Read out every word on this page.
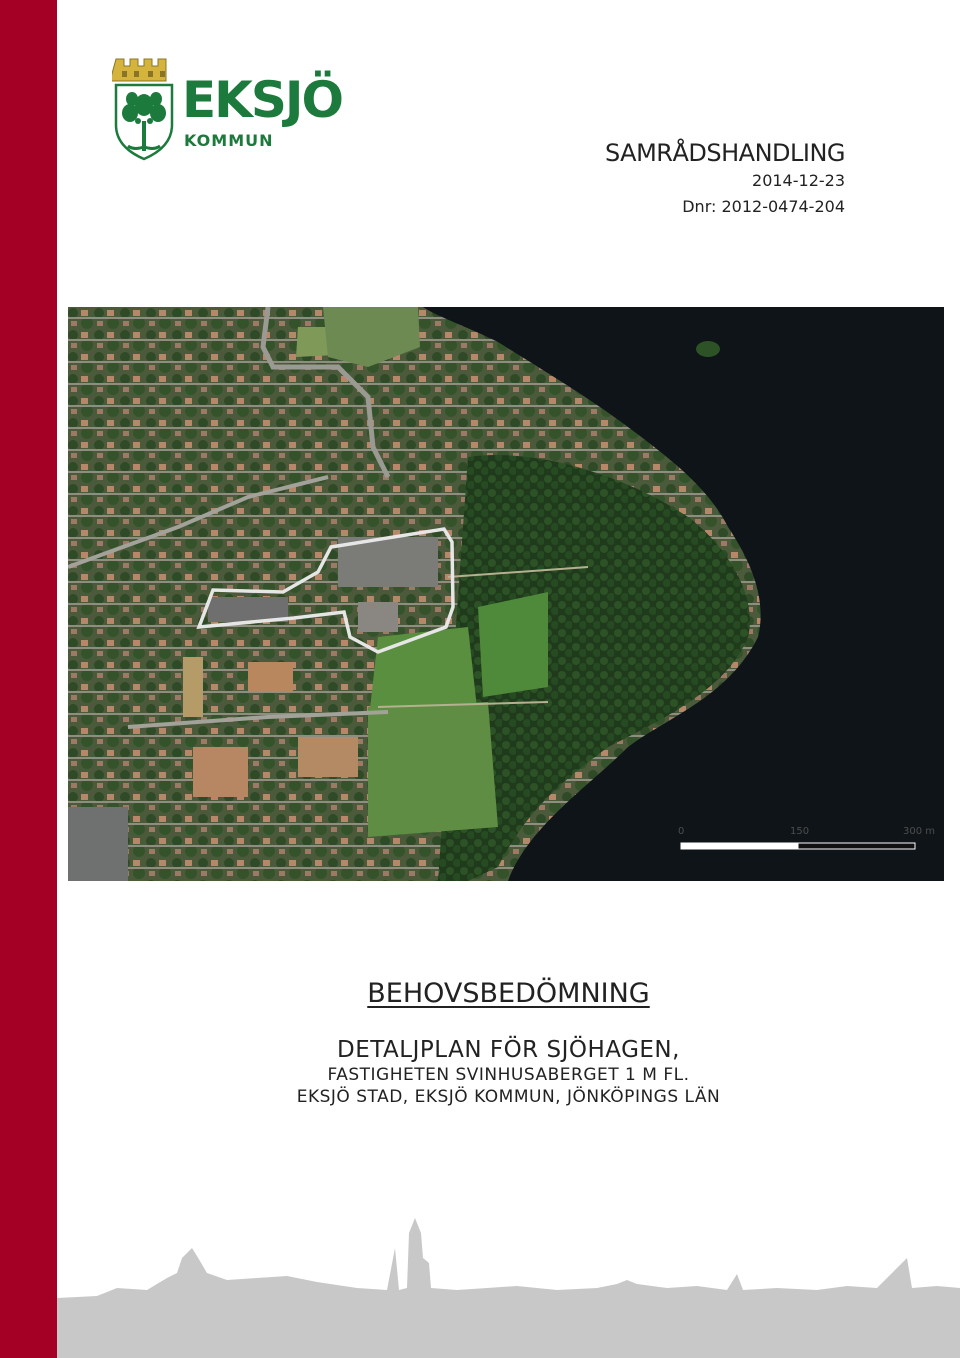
EKSJÖ
KOMMUN	SAMRÅDSHANDLING
2014-12-23
Dnr: 2012-0474-204
0	150	300 m
BEHOVSBEDÖMNING
DETALJPLAN FÖR SJÖHAGEN,
FASTIGHETEN SVINHUSABERGET 1 M FL.
EKSJÖ STAD, EKSJÖ KOMMUN, JÖNKÖPINGS LÄN
